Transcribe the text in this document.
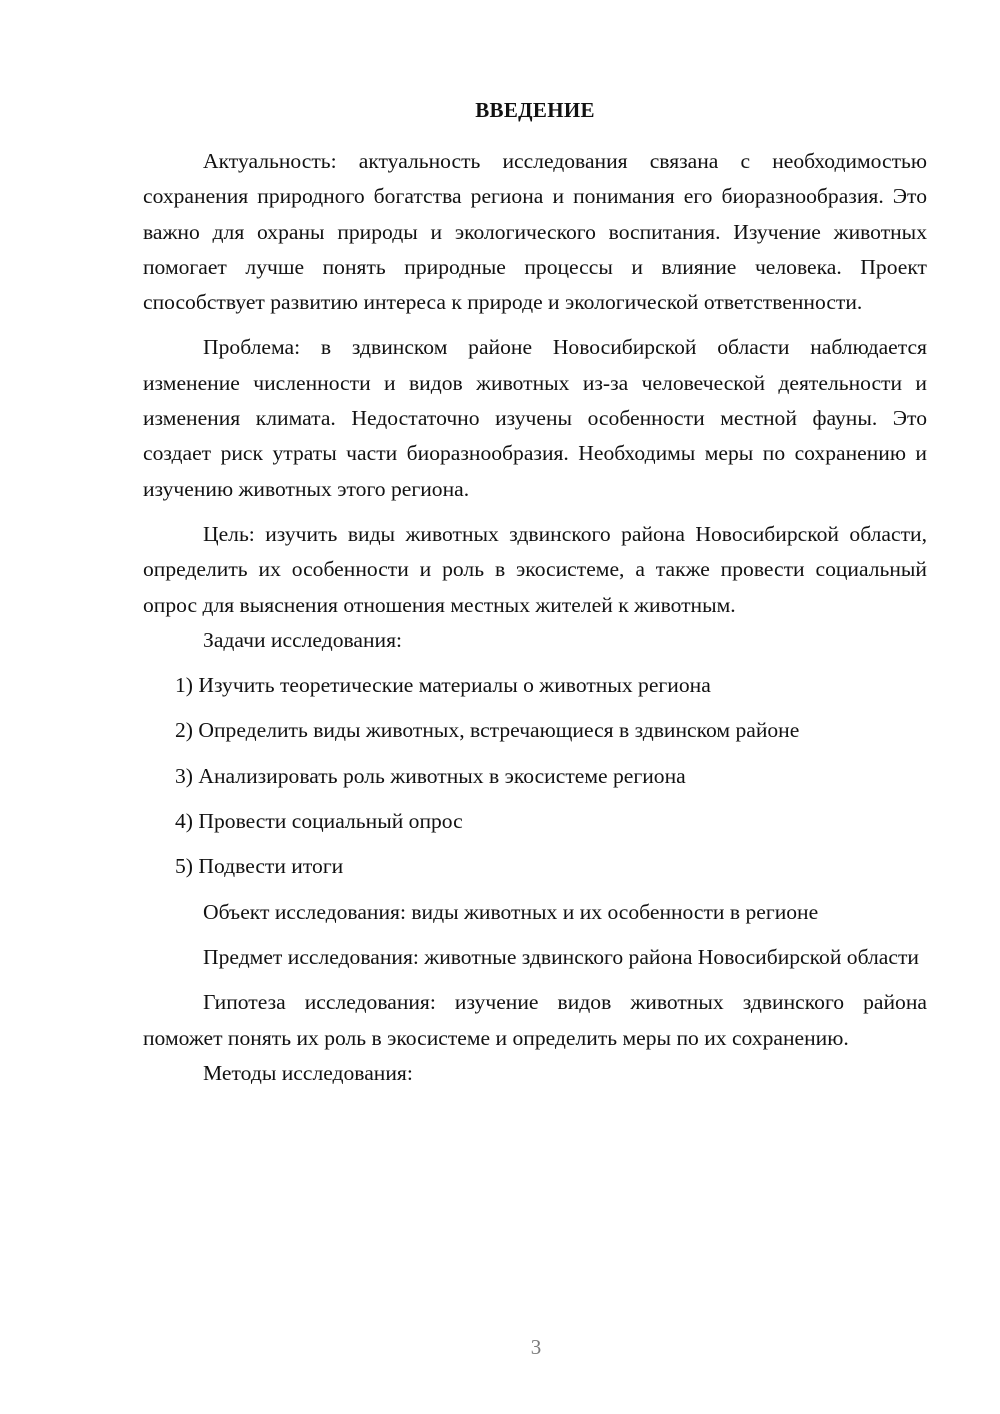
ВВЕДЕНИЕ

Актуальность: актуальность исследования связана с необходимостью сохранения природного богатства региона и понимания его биоразнообразия. Это важно для охраны природы и экологического воспитания. Изучение животных помогает лучше понять природные процессы и влияние человека. Проект способствует развитию интереса к природе и экологической ответственности.

Проблема: в здвинском районе Новосибирской области наблюдается изменение численности и видов животных из-за человеческой деятельности и изменения климата. Недостаточно изучены особенности местной фауны. Это создает риск утраты части биоразнообразия. Необходимы меры по сохранению и изучению животных этого региона.

Цель: изучить виды животных здвинского района Новосибирской области, определить их особенности и роль в экосистеме, а также провести социальный опрос для выяснения отношения местных жителей к животным.

Задачи исследования:

1) Изучить теоретические материалы о животных региона

2) Определить виды животных, встречающиеся в здвинском районе

3) Анализировать роль животных в экосистеме региона

4) Провести социальный опрос

5) Подвести итоги

Объект исследования: виды животных и их особенности в регионе

Предмет исследования: животные здвинского района Новосибирской области

Гипотеза исследования: изучение видов животных здвинского района поможет понять их роль в экосистеме и определить меры по их сохранению.

Методы исследования:

3
